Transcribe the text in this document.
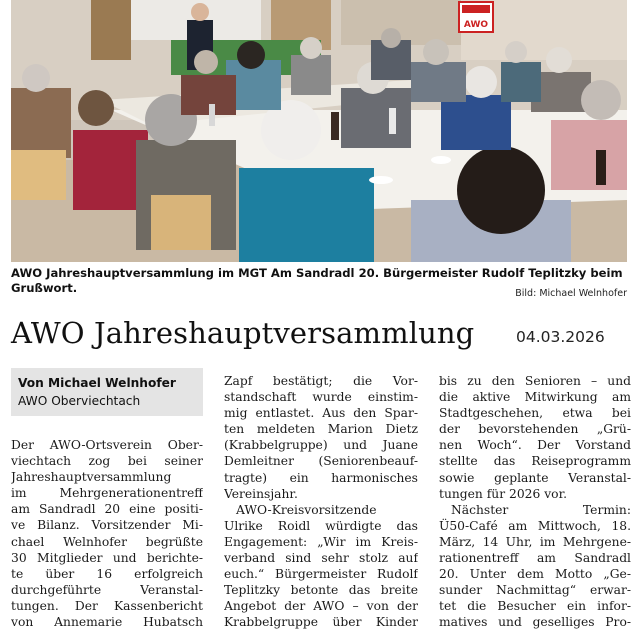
AWO
AWO Jahreshauptversammlung im MGT Am Sandradl 20. Bürgermeister Rudolf Teplitzky beim Grußwort.	Bild: Michael Welnhofer
AWO Jahreshauptversammlung	04.03.2026
Von Michael Welnhofer
AWO Oberviechtach
Der AWO-Ortsverein Ober-
viechtach zog bei seiner
Jahreshauptversammlung
im Mehrgenerationentreff
am Sandradl 20 eine positi-
ve Bilanz. Vorsitzender Mi-
chael Welnhofer begrüßte
30 Mitglieder und berichte-
te über 16 erfolgreich
durchgeführte Veranstal-
tungen. Der Kassenbericht
von Annemarie Hubatsch
Zapf bestätigt; die Vor-
standschaft wurde einstim-
mig entlastet. Aus den Spar-
ten meldeten Marion Dietz
(Krabbelgruppe) und Juane
Demleitner (Seniorenbeauf-
tragte) ein harmonisches
Vereinsjahr.
AWO-Kreisvorsitzende
Ulrike Roidl würdigte das
Engagement: „Wir im Kreis-
verband sind sehr stolz auf
euch.“ Bürgermeister Rudolf
Teplitzky betonte das breite
Angebot der AWO – von der
Krabbelgruppe über Kinder
bis zu den Senioren – und
die aktive Mitwirkung am
Stadtgeschehen, etwa bei
der bevorstehenden „Grü-
nen Woch“. Der Vorstand
stellte das Reiseprogramm
sowie geplante Veranstal-
tungen für 2026 vor.
Nächster Termin:
Ü50-Café am Mittwoch, 18.
März, 14 Uhr, im Mehrgene-
rationentreff am Sandradl
20. Unter dem Motto „Ge-
sunder Nachmittag“ erwar-
tet die Besucher ein infor-
matives und geselliges Pro-
